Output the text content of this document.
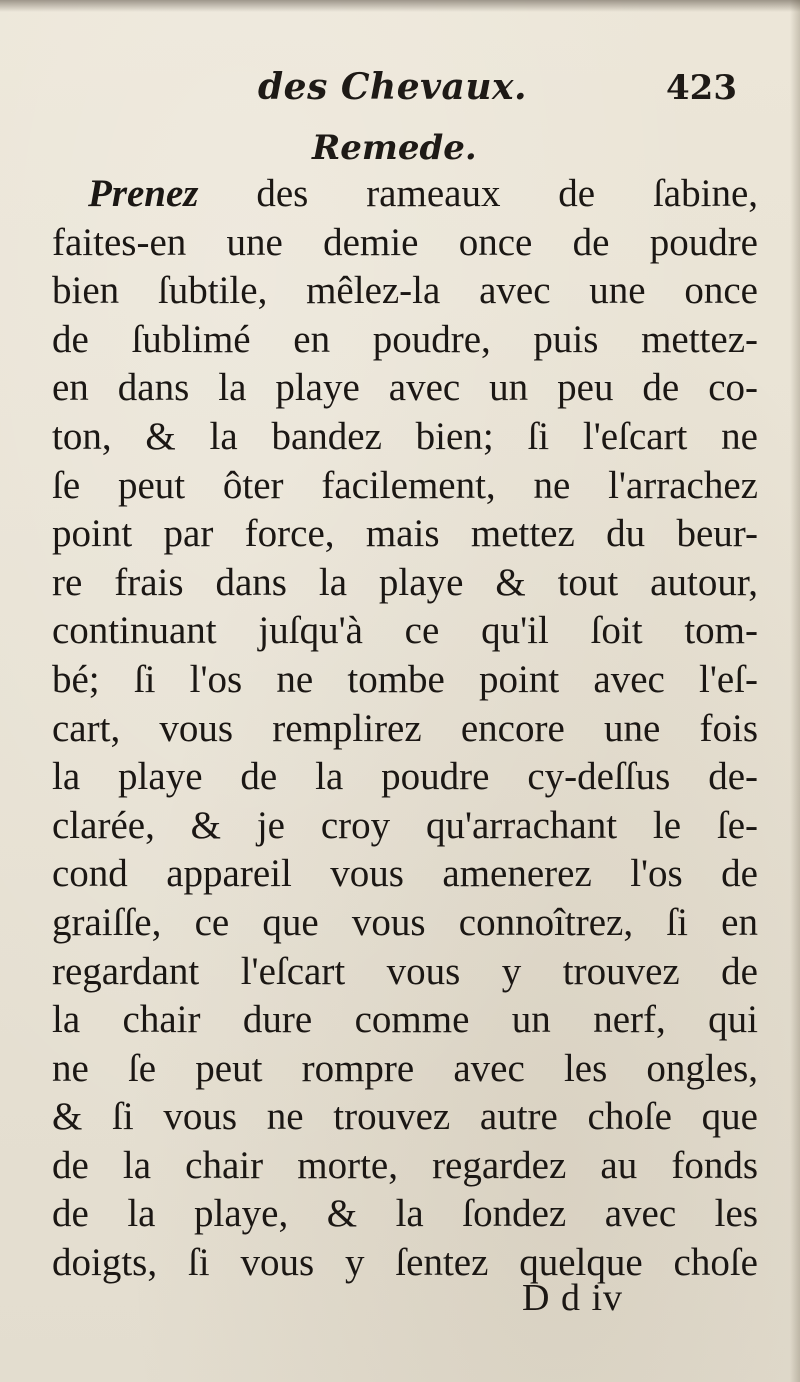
des Chevaux.	423
Remede.
Prenez des rameaux de ſabine,
faites-en une demie once de poudre
bien ſubtile, mêlez-la avec une once
de ſublimé en poudre, puis mettez-
en dans la playe avec un peu de co-
ton, & la bandez bien; ſi l'eſcart ne
ſe peut ôter facilement, ne l'arrachez
point par force, mais mettez du beur-
re frais dans la playe & tout autour,
continuant juſqu'à ce qu'il ſoit tom-
bé; ſi l'os ne tombe point avec l'eſ-
cart, vous remplirez encore une fois
la playe de la poudre cy-deſſus de-
clarée, & je croy qu'arrachant le ſe-
cond appareil vous amenerez l'os de
graiſſe, ce que vous connoîtrez, ſi en
regardant l'eſcart vous y trouvez de
la chair dure comme un nerf, qui
ne ſe peut rompre avec les ongles,
& ſi vous ne trouvez autre choſe que
de la chair morte, regardez au fonds
de la playe, & la ſondez avec les
doigts, ſi vous y ſentez quelque choſe
D d iv
